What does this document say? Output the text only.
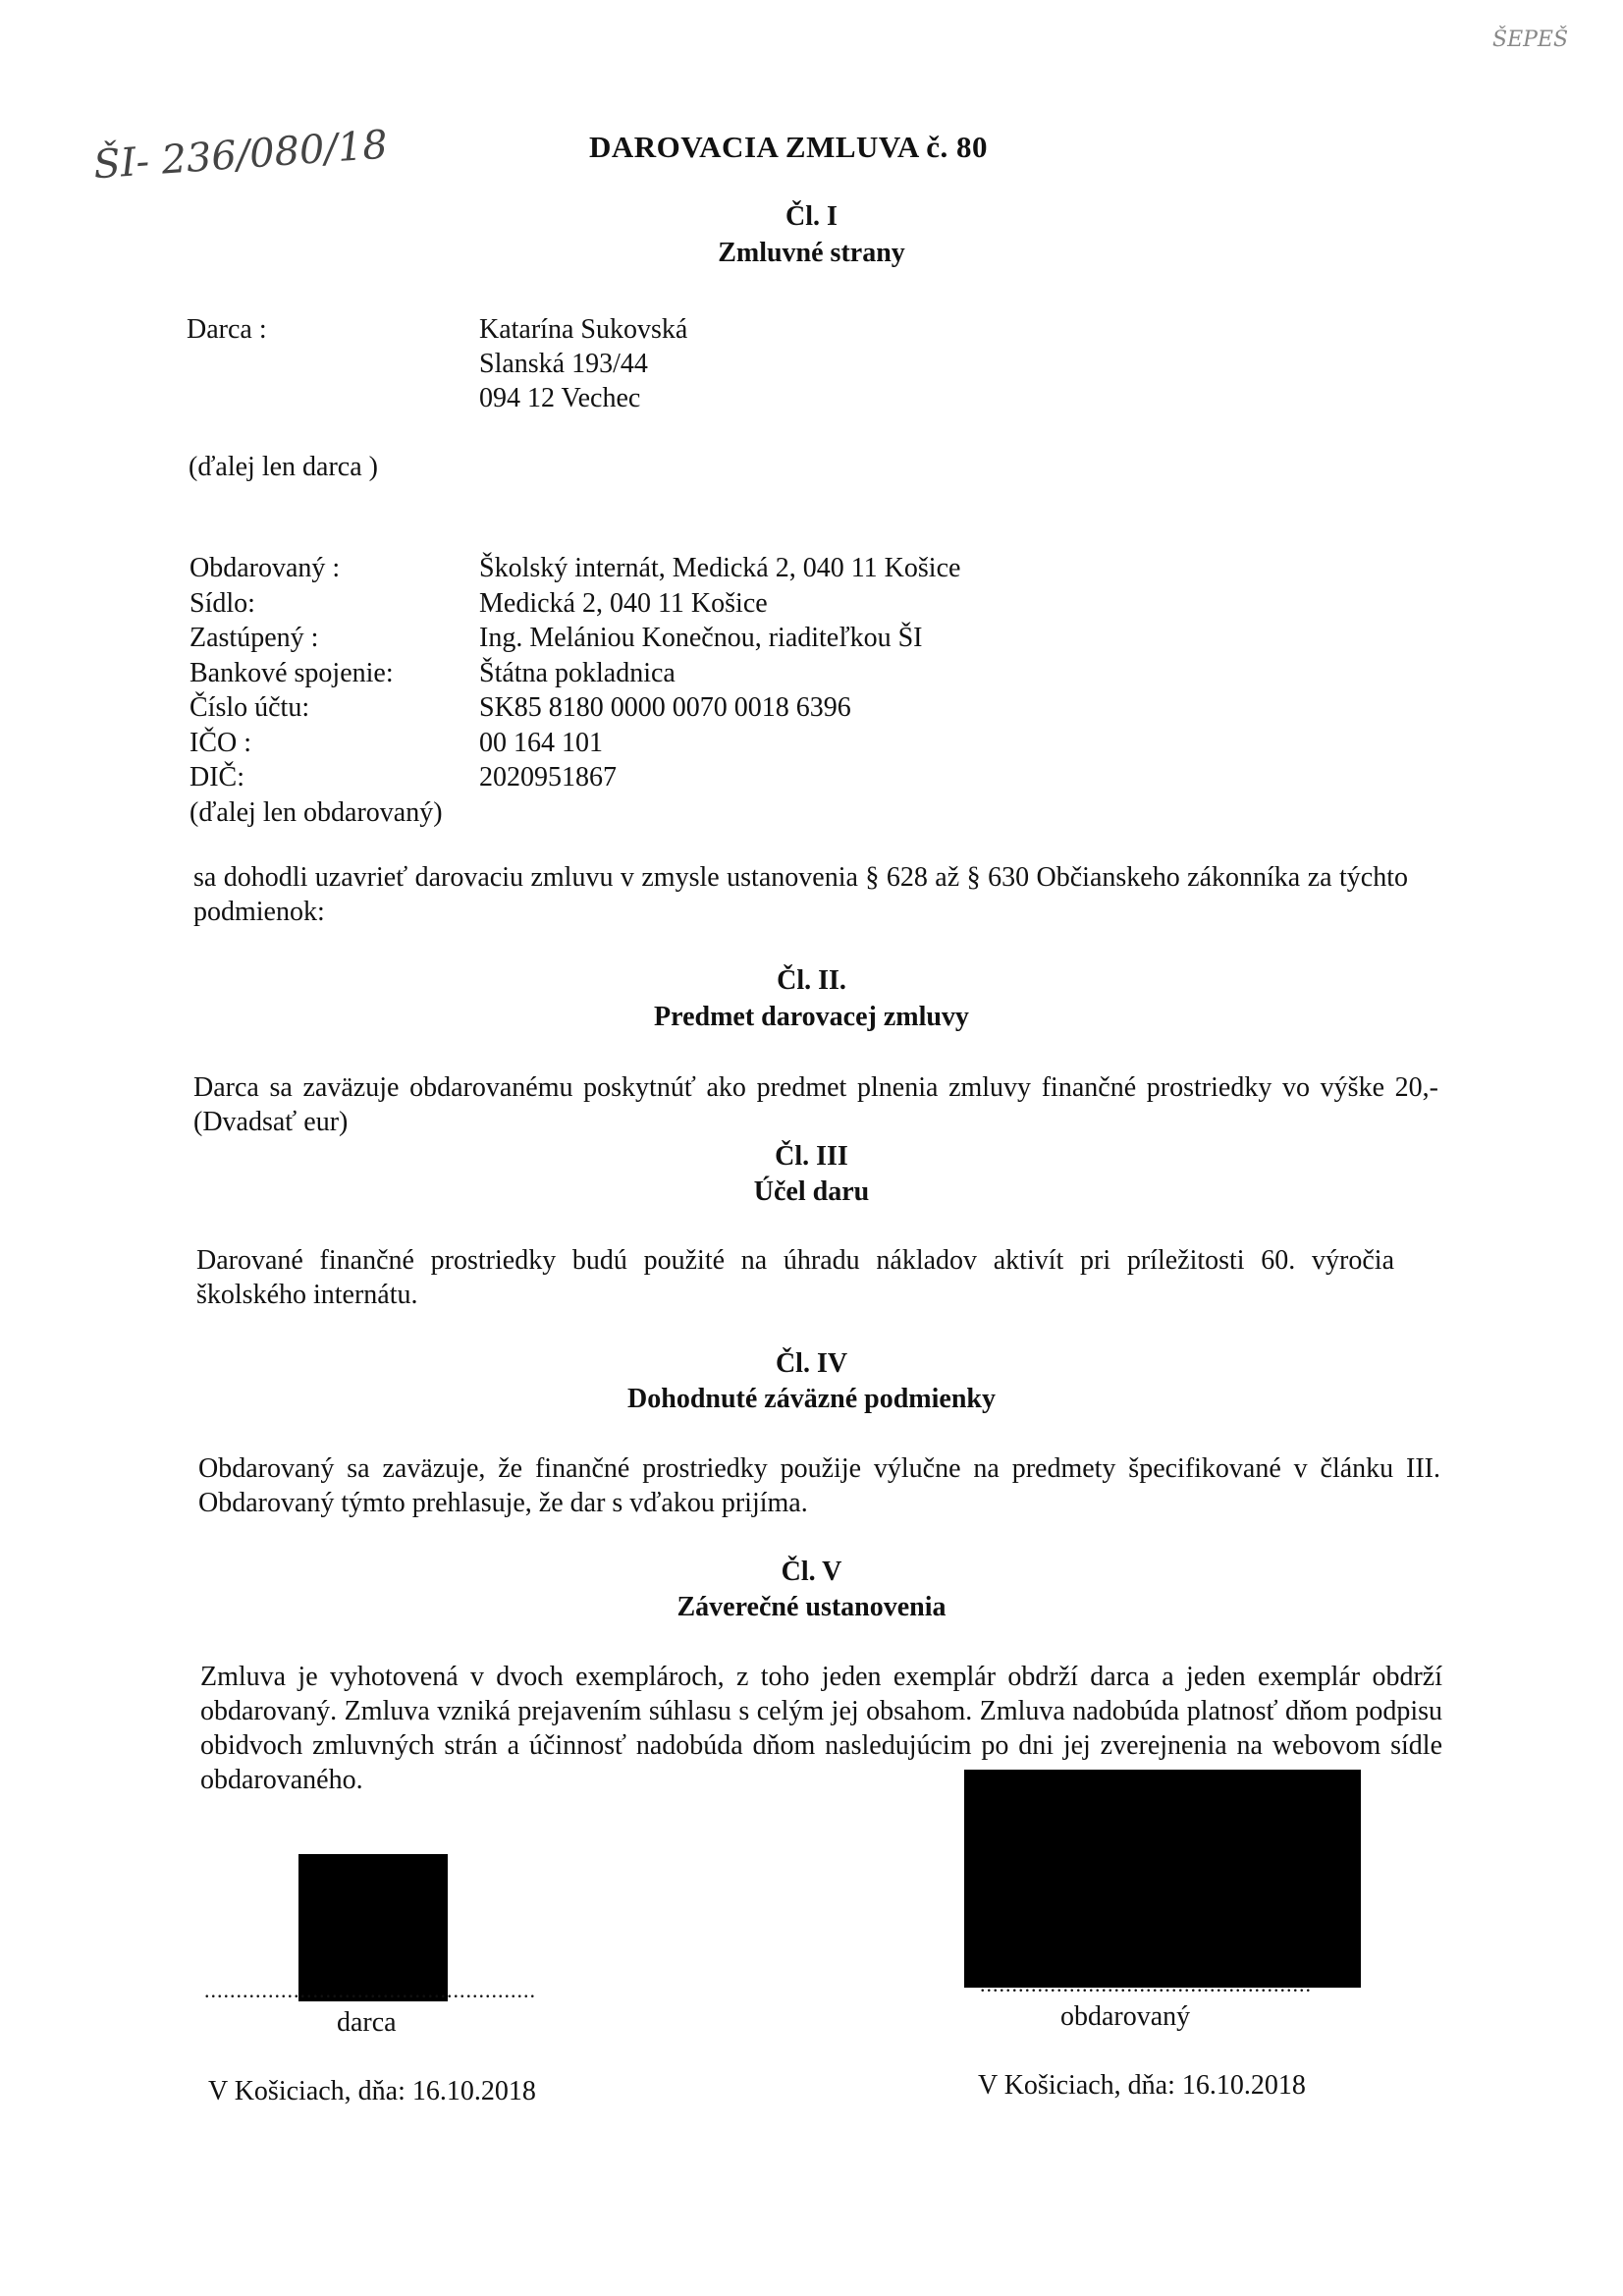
ŠEPEŠ
ŠI- 236/080/18	DAROVACIA ZMLUVA č. 80
Čl. I
Zmluvné strany
Darca :	Katarína Sukovská
Slanská 193/44
094 12 Vechec
(ďalej len darca )
Obdarovaný :	Školský internát, Medická 2, 040 11 Košice
Sídlo:	Medická 2, 040 11 Košice
Zastúpený :	Ing. Melániou Konečnou, riaditeľkou ŠI
Bankové spojenie:	Štátna pokladnica
Číslo účtu:	SK85 8180 0000 0070 0018 6396
IČO :	00 164 101
DIČ:	2020951867
(ďalej len obdarovaný)
sa dohodli uzavrieť darovaciu zmluvu v zmysle ustanovenia § 628 až § 630 Občianskeho zákonníka za týchto podmienok:
Čl. II.
Predmet darovacej zmluvy
Darca sa zaväzuje obdarovanému poskytnúť ako predmet plnenia zmluvy finančné prostriedky vo výške 20,- (Dvadsať eur)
Čl. III
Účel daru
Darované finančné prostriedky budú použité na úhradu nákladov aktivít pri príležitosti 60. výročia školského internátu.
Čl. IV
Dohodnuté záväzné podmienky
Obdarovaný sa zaväzuje, že finančné prostriedky použije výlučne na predmety špecifikované v článku III. Obdarovaný týmto prehlasuje, že dar s vďakou prijíma.
Čl. V
Záverečné ustanovenia
Zmluva je vyhotovená v dvoch exemplároch, z toho jeden exemplár obdrží darca a jeden exemplár obdrží obdarovaný. Zmluva vzniká prejavením súhlasu s celým jej obsahom. Zmluva nadobúda platnosť dňom podpisu obidvoch zmluvných strán a účinnosť nadobúda dňom nasledujúcim po dni jej zverejnenia na webovom sídle obdarovaného.
....................................................
darca
....................................................
obdarovaný
V Košiciach, dňa: 16.10.2018	V Košiciach, dňa: 16.10.2018
